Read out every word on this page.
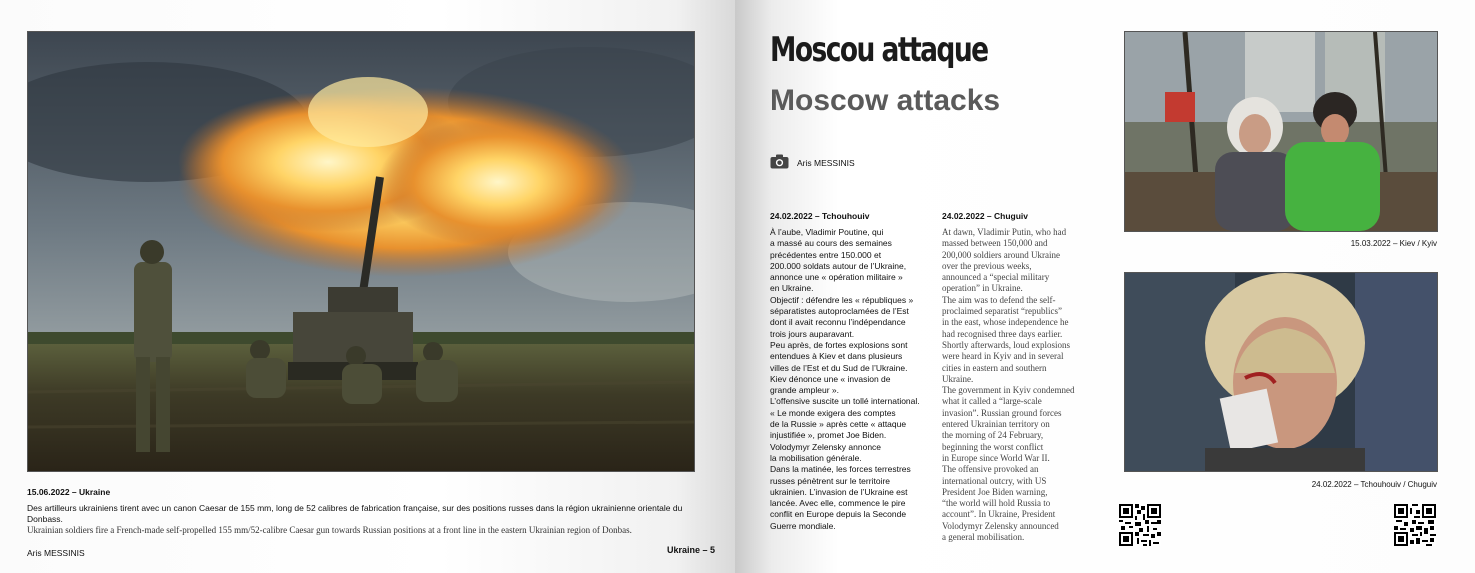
15.06.2022 – Ukraine
Des artilleurs ukrainiens tirent avec un canon Caesar de 155 mm, long de 52 calibres de fabrication française, sur des positions russes dans la région ukrainienne orientale du Donbass.
Ukrainian soldiers fire a French-made self-propelled 155 mm/52-calibre Caesar gun towards Russian positions at a front line in the eastern Ukrainian region of Donbas.
Aris MESSINIS	Ukraine – 5
Moscou attaque
Moscow attacks
Aris MESSINIS
24.02.2022 – Tchouhouiv
À l’aube, Vladimir Poutine, qui
a massé au cours des semaines
précédentes entre 150.000 et
200.000 soldats autour de l’Ukraine,
annonce une « opération militaire »
en Ukraine.
Objectif : défendre les « républiques »
séparatistes autoproclamées de l’Est
dont il avait reconnu l’indépendance
trois jours auparavant.
Peu après, de fortes explosions sont
entendues à Kiev et dans plusieurs
villes de l’Est et du Sud de l’Ukraine.
Kiev dénonce une « invasion de
grande ampleur ».
L’offensive suscite un tollé international.
« Le monde exigera des comptes
de la Russie » après cette « attaque
injustifiée », promet Joe Biden.
Volodymyr Zelensky annonce
la mobilisation générale.
Dans la matinée, les forces terrestres
russes pénètrent sur le territoire
ukrainien. L’invasion de l’Ukraine est
lancée. Avec elle, commence le pire
conflit en Europe depuis la Seconde
Guerre mondiale.
24.02.2022 – Chuguiv
At dawn, Vladimir Putin, who had
massed between 150,000 and
200,000 soldiers around Ukraine
over the previous weeks,
announced a “special military
operation” in Ukraine.
The aim was to defend the self-
proclaimed separatist “republics”
in the east, whose independence he
had recognised three days earlier.
Shortly afterwards, loud explosions
were heard in Kyiv and in several
cities in eastern and southern
Ukraine.
The government in Kyiv condemned
what it called a “large-scale
invasion”. Russian ground forces
entered Ukrainian territory on
the morning of 24 February,
beginning the worst conflict
in Europe since World War II.
The offensive provoked an
international outcry, with US
President Joe Biden warning,
“the world will hold Russia to
account”. In Ukraine, President
Volodymyr Zelensky announced
a general mobilisation.
15.03.2022 – Kiev / Kyiv
24.02.2022 – Tchouhouiv / Chuguiv
